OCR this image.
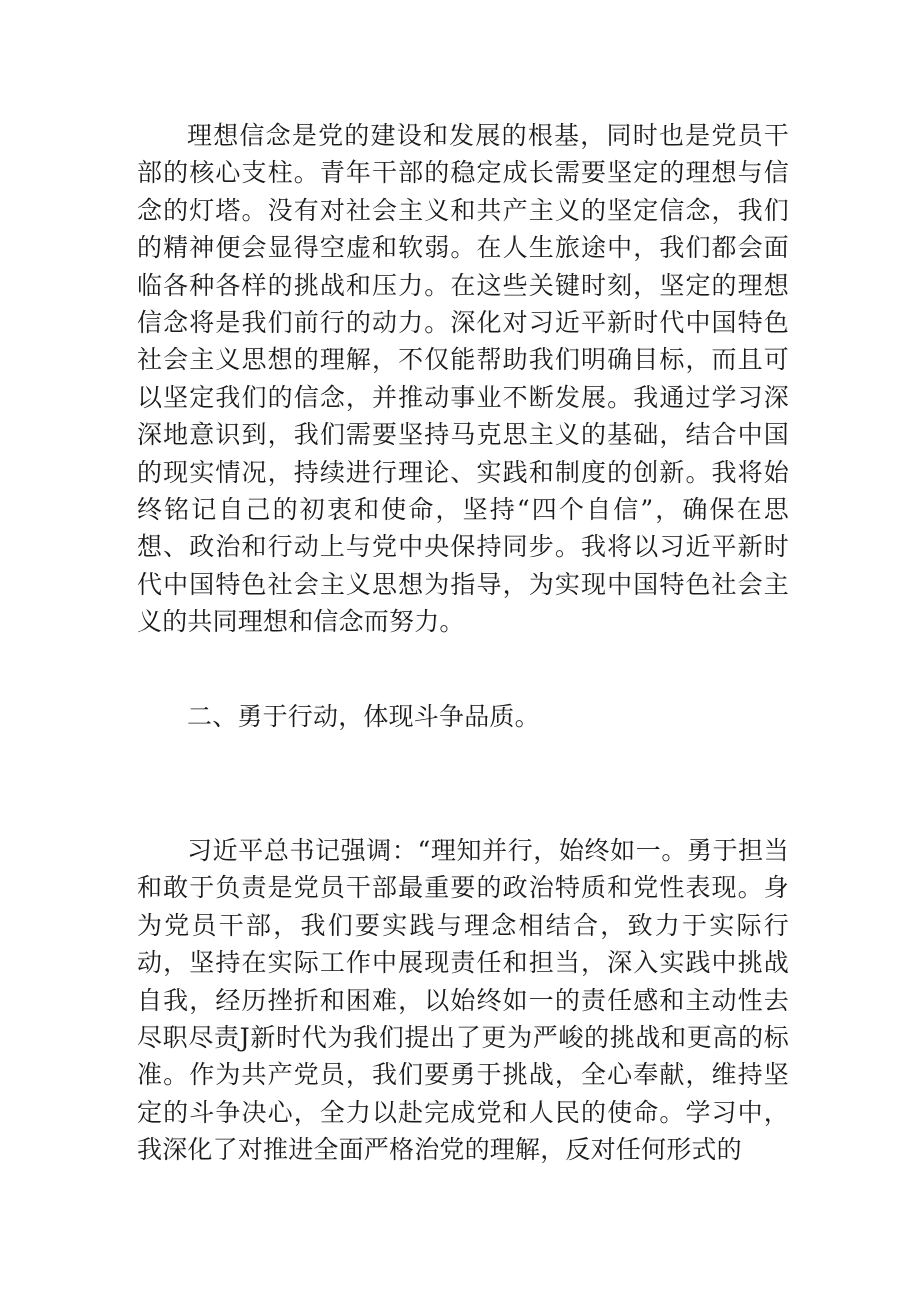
理想信念是党的建设和发展的根基，同时也是党员干部的核心支柱。青年干部的稳定成长需要坚定的理想与信念的灯塔。没有对社会主义和共产主义的坚定信念，我们的精神便会显得空虚和软弱。在人生旅途中，我们都会面临各种各样的挑战和压力。在这些关键时刻，坚定的理想信念将是我们前行的动力。深化对习近平新时代中国特色社会主义思想的理解，不仅能帮助我们明确目标，而且可以坚定我们的信念，并推动事业不断发展。我通过学习深深地意识到，我们需要坚持马克思主义的基础，结合中国的现实情况，持续进行理论、实践和制度的创新。我将始终铭记自己的初衷和使命，坚持“四个自信”，确保在思想、政治和行动上与党中央保持同步。我将以习近平新时代中国特色社会主义思想为指导，为实现中国特色社会主义的共同理想和信念而努力。

二、勇于行动，体现斗争品质。

习近平总书记强调：“理知并行，始终如一。勇于担当和敢于负责是党员干部最重要的政治特质和党性表现。身为党员干部，我们要实践与理念相结合，致力于实际行动，坚持在实际工作中展现责任和担当，深入实践中挑战自我，经历挫折和困难，以始终如一的责任感和主动性去尽职尽责J新时代为我们提出了更为严峻的挑战和更高的标准。作为共产党员，我们要勇于挑战，全心奉献，维持坚定的斗争决心，全力以赴完成党和人民的使命。学习中，我深化了对推进全面严格治党的理解，反对任何形式的
